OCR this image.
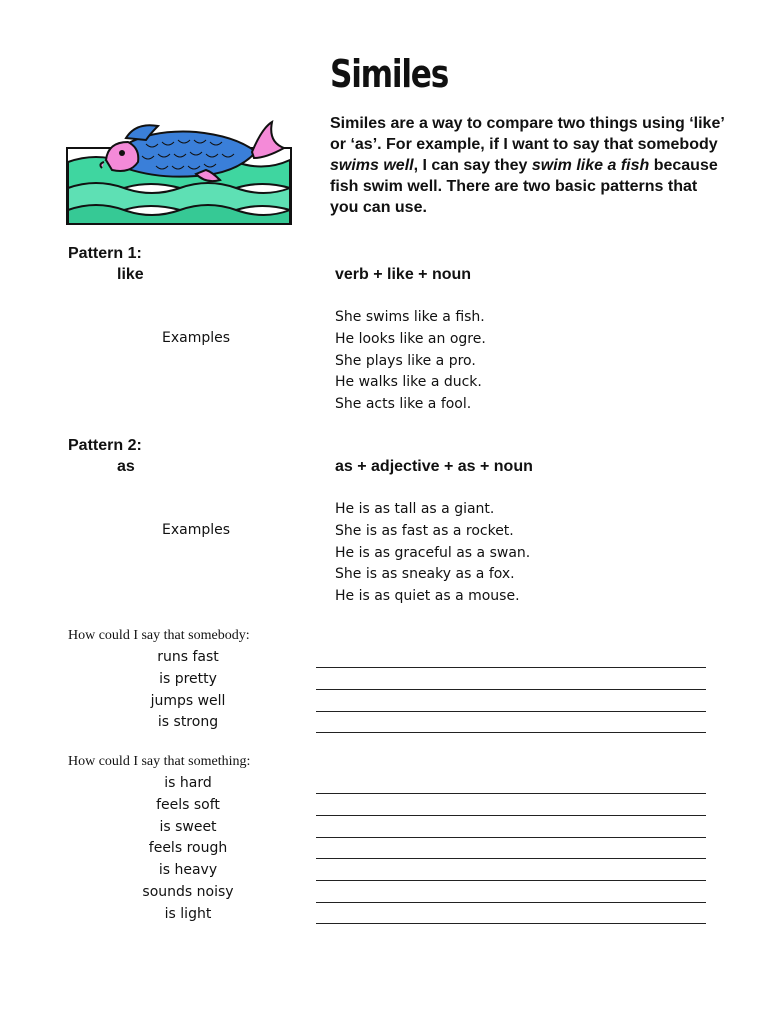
Similes
Similes are a way to compare two things using ‘like’ or ‘as’. For example, if I want to say that somebody swims well, I can say they swim like a fish because fish swim well. There are two basic patterns that you can use.
Pattern 1:
like	verb + like + noun
Examples
She swims like a fish.
He looks like an ogre.
She plays like a pro.
He walks like a duck.
She acts like a fool.
Pattern 2:
as	as + adjective + as + noun
Examples
He is as tall as a giant.
She is as fast as a rocket.
He is as graceful as a swan.
She is as sneaky as a fox.
He is as quiet as a mouse.
How could I say that somebody:
runs fast
is pretty
jumps well
is strong
How could I say that something:
is hard
feels soft
is sweet
feels rough
is heavy
sounds noisy
is light
